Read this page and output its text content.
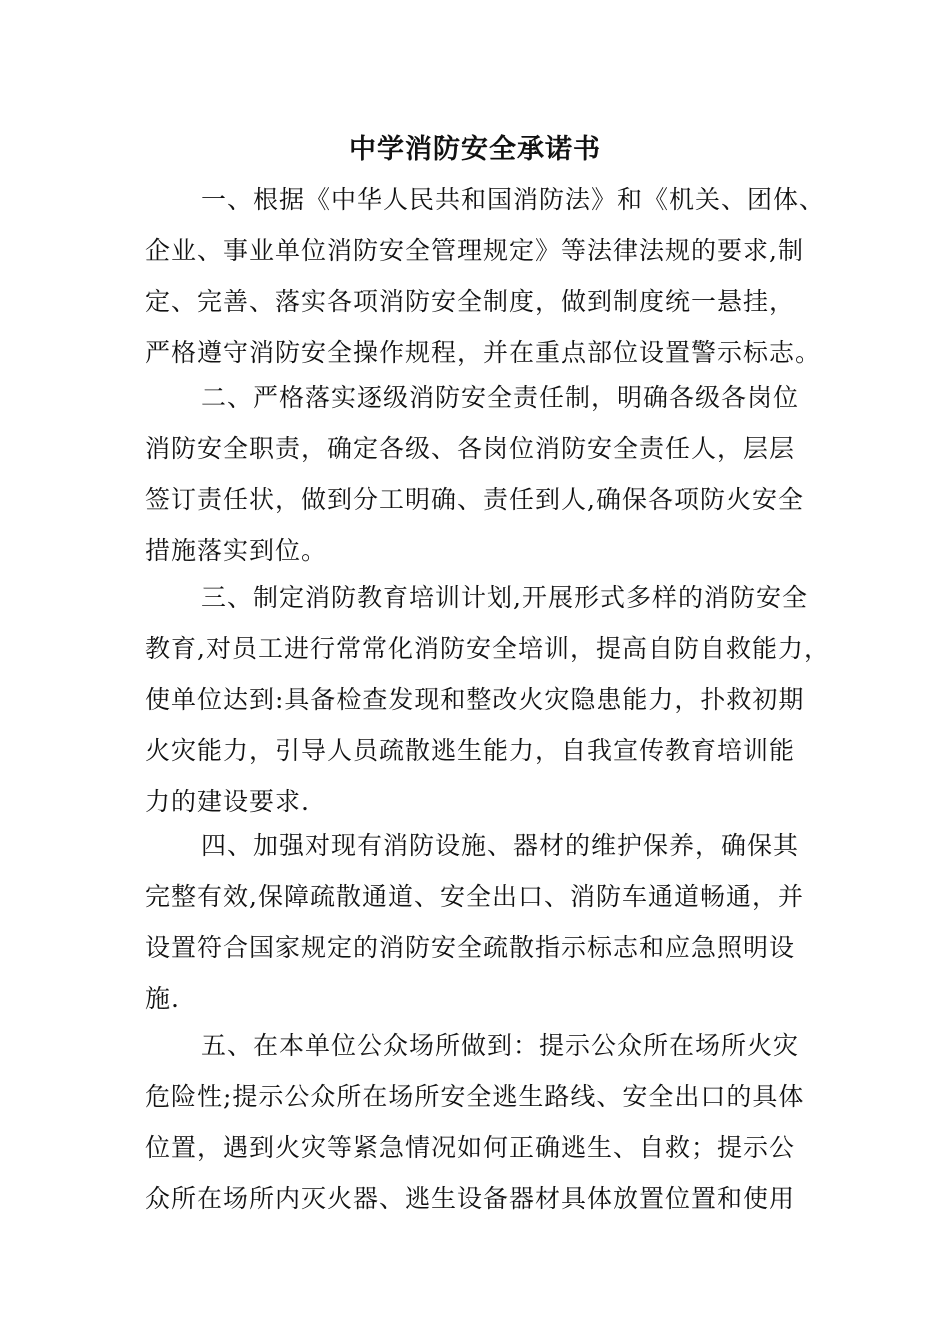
中学消防安全承诺书

一、根据《中华人民共和国消防法》和《机关、团体、
企业、事业单位消防安全管理规定》等法律法规的要求,制
定、完善、落实各项消防安全制度，做到制度统一悬挂，
严格遵守消防安全操作规程，并在重点部位设置警示标志。

二、严格落实逐级消防安全责任制，明确各级各岗位
消防安全职责，确定各级、各岗位消防安全责任人，层层
签订责任状，做到分工明确、责任到人,确保各项防火安全
措施落实到位。

三、制定消防教育培训计划,开展形式多样的消防安全
教育,对员工进行常常化消防安全培训，提高自防自救能力，
使单位达到:具备检查发现和整改火灾隐患能力，扑救初期
火灾能力，引导人员疏散逃生能力，自我宣传教育培训能
力的建设要求.

四、加强对现有消防设施、器材的维护保养，确保其
完整有效,保障疏散通道、安全出口、消防车通道畅通，并
设置符合国家规定的消防安全疏散指示标志和应急照明设
施.

五、在本单位公众场所做到：提示公众所在场所火灾
危险性;提示公众所在场所安全逃生路线、安全出口的具体
位置，遇到火灾等紧急情况如何正确逃生、自救；提示公
众所在场所内灭火器、逃生设备器材具体放置位置和使用
